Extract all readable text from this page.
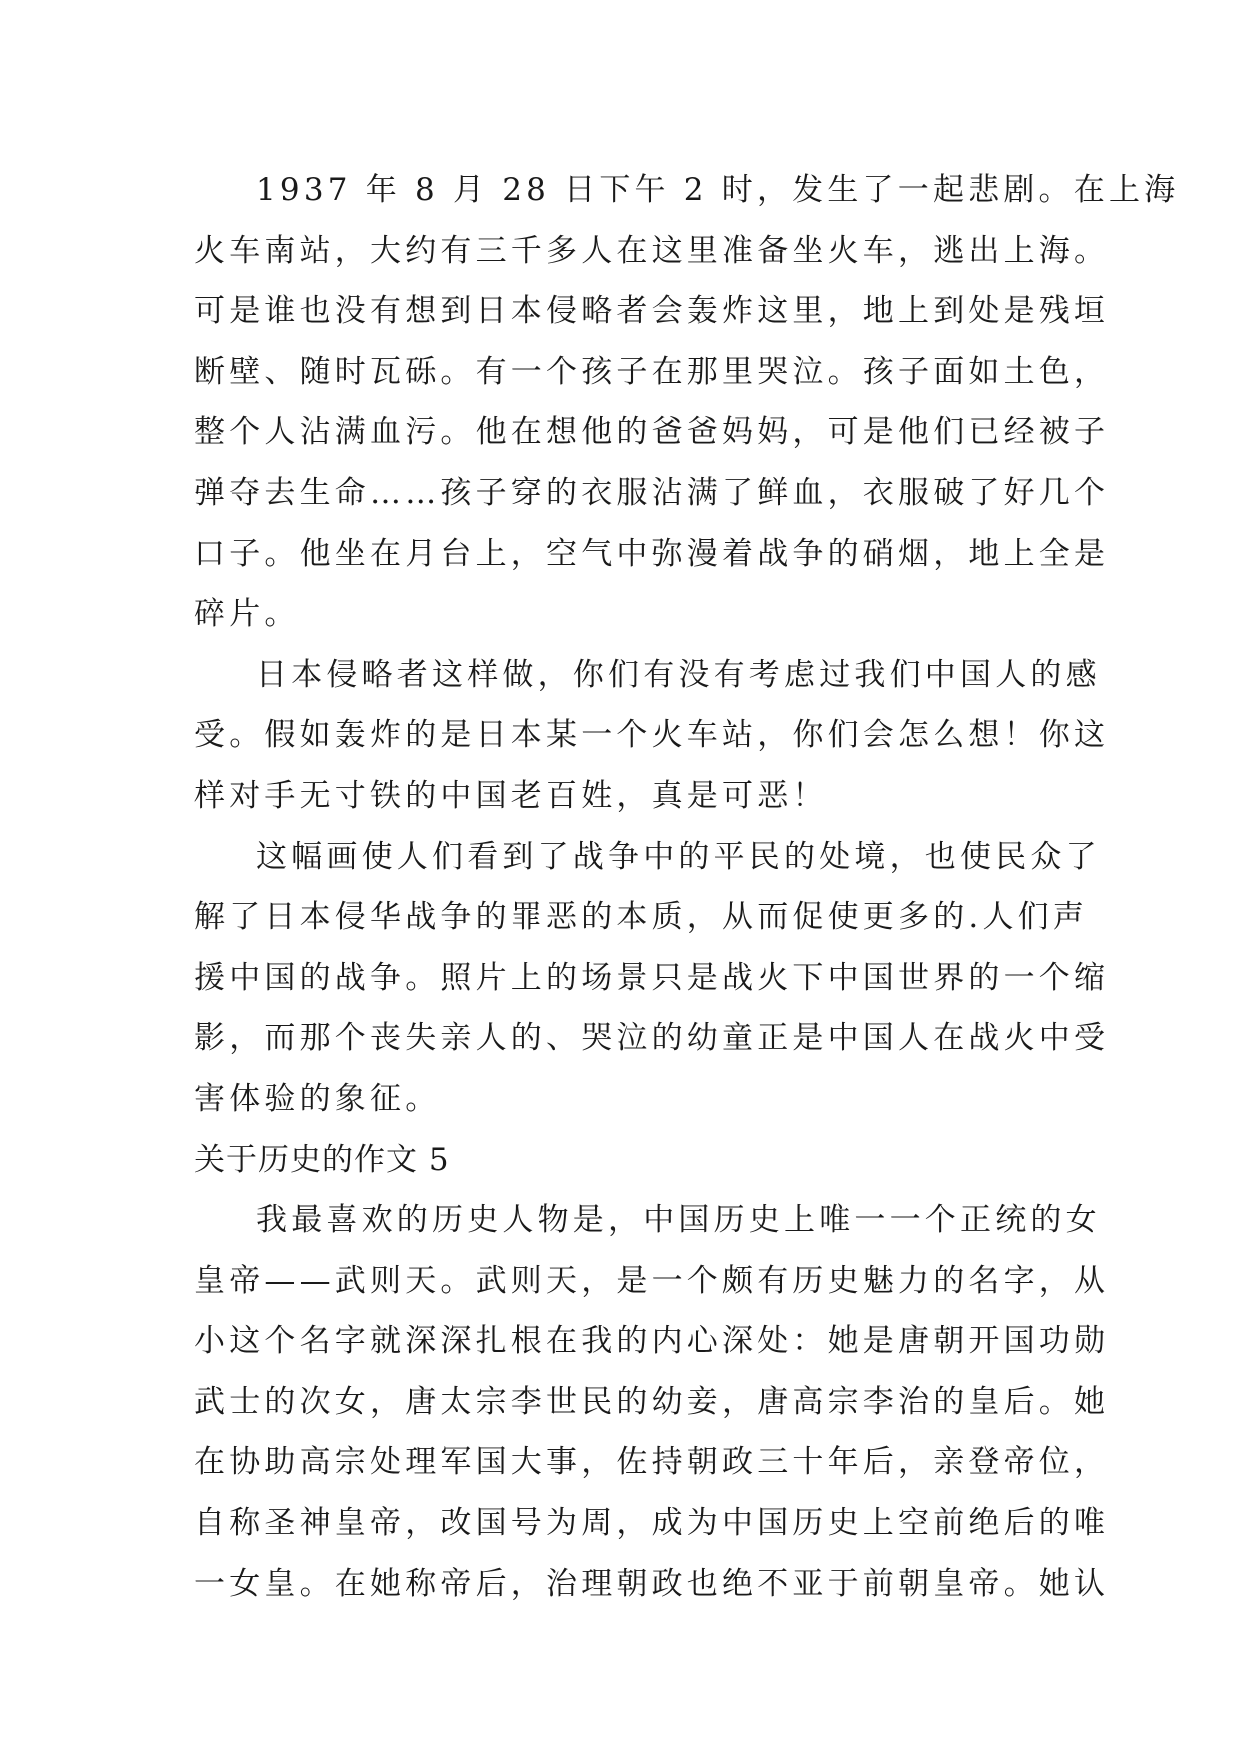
1937 年 8 月 28 日下午 2 时，发生了一起悲剧。在上海
火车南站，大约有三千多人在这里准备坐火车，逃出上海。
可是谁也没有想到日本侵略者会轰炸这里，地上到处是残垣
断壁、随时瓦砾。有一个孩子在那里哭泣。孩子面如土色，
整个人沾满血污。他在想他的爸爸妈妈，可是他们已经被子
弹夺去生命……孩子穿的衣服沾满了鲜血，衣服破了好几个
口子。他坐在月台上，空气中弥漫着战争的硝烟，地上全是
碎片。
日本侵略者这样做，你们有没有考虑过我们中国人的感
受。假如轰炸的是日本某一个火车站，你们会怎么想！你这
样对手无寸铁的中国老百姓，真是可恶！
这幅画使人们看到了战争中的平民的处境，也使民众了
解了日本侵华战争的罪恶的本质，从而促使更多的.人们声
援中国的战争。照片上的场景只是战火下中国世界的一个缩
影，而那个丧失亲人的、哭泣的幼童正是中国人在战火中受
害体验的象征。
关于历史的作文 5
我最喜欢的历史人物是，中国历史上唯一一个正统的女
皇帝——武则天。武则天，是一个颇有历史魅力的名字，从
小这个名字就深深扎根在我的内心深处：她是唐朝开国功勋
武士的次女，唐太宗李世民的幼妾，唐高宗李治的皇后。她
在协助高宗处理军国大事，佐持朝政三十年后，亲登帝位，
自称圣神皇帝，改国号为周，成为中国历史上空前绝后的唯
一女皇。在她称帝后，治理朝政也绝不亚于前朝皇帝。她认
